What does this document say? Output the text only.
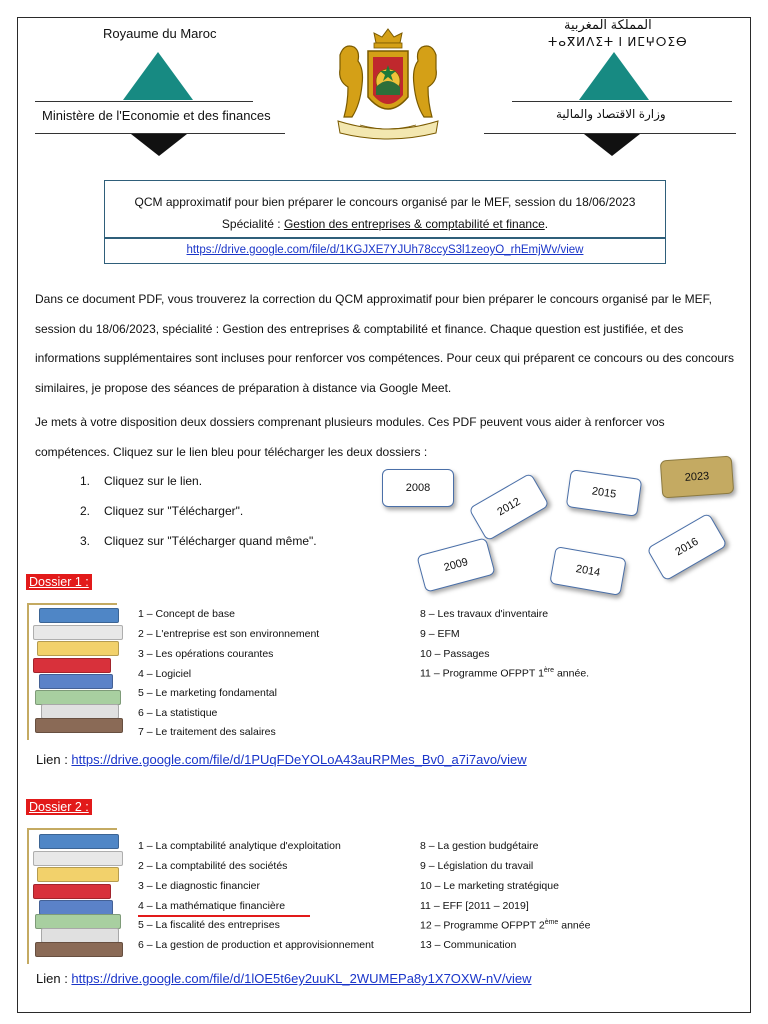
Royaume du Maroc
Ministère de l'Economie et des finances
المملكة المغربية
ⵜⴰⴳⵍⴷⵉⵜ ⵏ ⵍⵎⵖⵔⵉⴱ
وزارة الاقتصاد والمالية
QCM approximatif pour bien préparer le concours organisé par le MEF, session du 18/06/2023
Spécialité : Gestion des entreprises & comptabilité et finance.
https://drive.google.com/file/d/1KGJXE7YJUh78ccyS3l1zeoyO_rhEmjWv/view
Dans ce document PDF, vous trouverez la correction du QCM approximatif pour bien préparer le concours organisé par le MEF, session du 18/06/2023, spécialité : Gestion des entreprises & comptabilité et finance. Chaque question est justifiée, et des informations supplémentaires sont incluses pour renforcer vos compétences. Pour ceux qui préparent ce concours ou des concours similaires, je propose des séances de préparation à distance via Google Meet.
Je mets à votre disposition deux dossiers comprenant plusieurs modules. Ces PDF peuvent vous aider à renforcer vos compétences. Cliquez sur le lien bleu pour télécharger les deux dossiers :
1. Cliquez sur le lien.
2. Cliquez sur "Télécharger".
3. Cliquez sur "Télécharger quand même".
2008
2012
2015
2023
2009	2014
2016
Dossier 1 :
1 – Concept de base
2 – L'entreprise est son environnement
3 – Les opérations courantes
4 – Logiciel
5 – Le marketing fondamental
6 – La statistique
7 – Le traitement des salaires
8 – Les travaux d'inventaire
9 – EFM
10 – Passages
11 – Programme OFPPT 1ère année.
Lien : https://drive.google.com/file/d/1PUqFDeYOLoA43auRPMes_Bv0_a7i7avo/view
Dossier 2 :
1 – La comptabilité analytique d'exploitation
2 – La comptabilité des sociétés
3 – Le diagnostic financier
4 – La mathématique financière
5 – La fiscalité des entreprises
6 – La gestion de production et approvisionnement
8 – La gestion budgétaire
9 – Législation du travail
10 – Le marketing stratégique
11 – EFF [2011 – 2019]
12 – Programme OFPPT 2ème année
13 – Communication
Lien : https://drive.google.com/file/d/1lOE5t6ey2uuKL_2WUMEPa8y1X7OXW-nV/view
